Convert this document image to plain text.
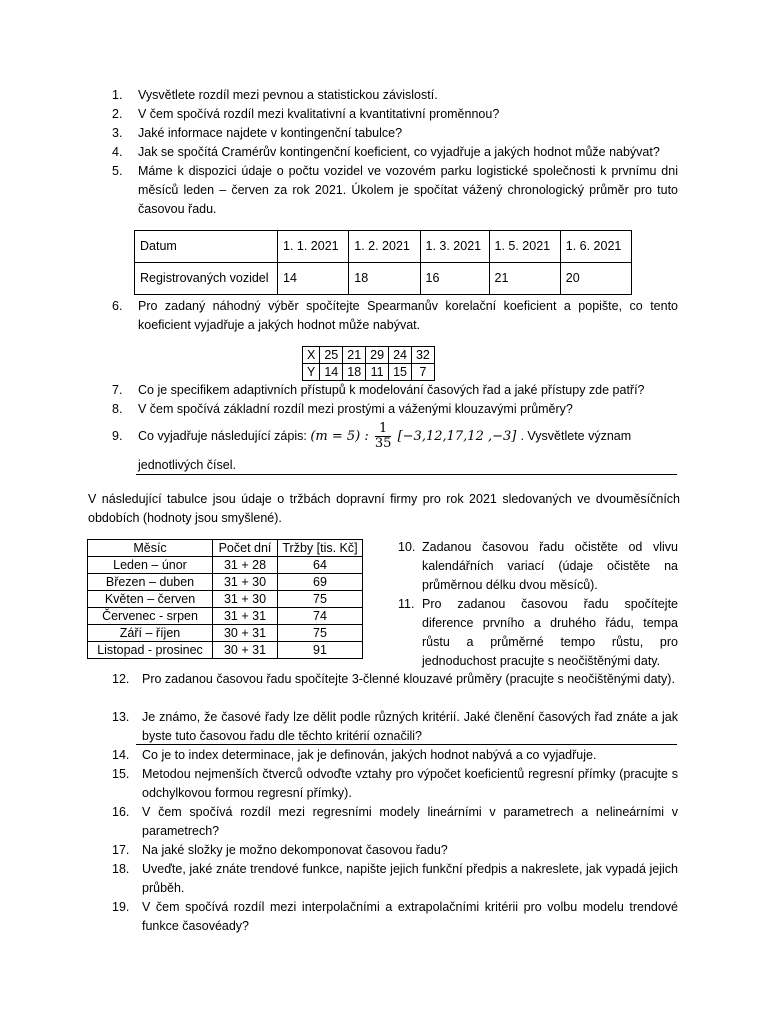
1.	Vysvětlete rozdíl mezi pevnou a statistickou závislostí.
2.	V čem spočívá rozdíl mezi kvalitativní a kvantitativní proměnnou?
3.	Jaké informace najdete v kontingenční tabulce?
4.	Jak se spočítá Cramérův kontingenční koeficient, co vyjadřuje a jakých hodnot může nabývat?
5.	Máme k dispozici údaje o počtu vozidel ve vozovém parku logistické společnosti k prvnímu dni měsíců leden – červen za rok 2021. Úkolem je spočítat vážený chronologický průměr pro tuto časovou řadu.
Datum	1. 1. 2021	1. 2. 2021	1. 3. 2021	1. 5. 2021	1. 6. 2021
Registrovaných vozidel	14	18	16	21	20
6.	Pro zadaný náhodný výběr spočítejte Spearmanův korelační koeficient a popište, co tento koeficient vyjadřuje a jakých hodnot může nabývat.
X	25	21	29	24	32
Y	14	18	11	15	7
7.	Co je specifikem adaptivních přístupů k modelování časových řad a jaké přístupy zde patří?
8.	V čem spočívá základní rozdíl mezi prostými a váženými klouzavými průměry?
9.	Co vyjadřuje následující zápis: (m = 5) : $\frac{1}{35} [-3,12,17,12$ ,−3] . Vysvětlete význam
jednotlivých čísel.
V následující tabulce jsou údaje o tržbách dopravní firmy pro rok 2021 sledovaných ve dvouměsíčních obdobích (hodnoty jsou smyšlené).
Měsíc	Počet dní	Tržby [tis. Kč]
Leden – únor	31 + 28	64
Březen – duben	31 + 30	69
Květen – červen	31 + 30	75
Červenec - srpen	31 + 31	74
Září – říjen	30 + 31	75
Listopad - prosinec	30 + 31	91
10. Zadanou časovou řadu očistěte od vlivu kalendářních variací (údaje očistěte na průměrnou délku dvou měsíců).
11. Pro zadanou časovou řadu spočítejte diference prvního a druhého řádu, tempa růstu a průměrné tempo růstu, pro jednoduchost pracujte s neočištěnými daty.
12.	Pro zadanou časovou řadu spočítejte 3-členné klouzavé průměry (pracujte s neočištěnými daty).
13.	Je známo, že časové řady lze dělit podle různých kritérií. Jaké členění časových řad znáte a jak byste tuto časovou řadu dle těchto kritérií označili?
14.	Co je to index determinace, jak je definován, jakých hodnot nabývá a co vyjadřuje.
15.	Metodou nejmenších čtverců odvoďte vztahy pro výpočet koeficientů regresní přímky (pracujte s odchylkovou formou regresní přímky).
16.	V čem spočívá rozdíl mezi regresními modely lineárními v parametrech a nelineárními v parametrech?
17.	Na jaké složky je možno dekomponovat časovou řadu?
18.	Uveďte, jaké znáte trendové funkce, napište jejich funkční předpis a nakreslete, jak vypadá jejich průběh.
19.	V čem spočívá rozdíl mezi interpolačními a extrapolačními kritérii pro volbu modelu trendové funkce časovéady?
